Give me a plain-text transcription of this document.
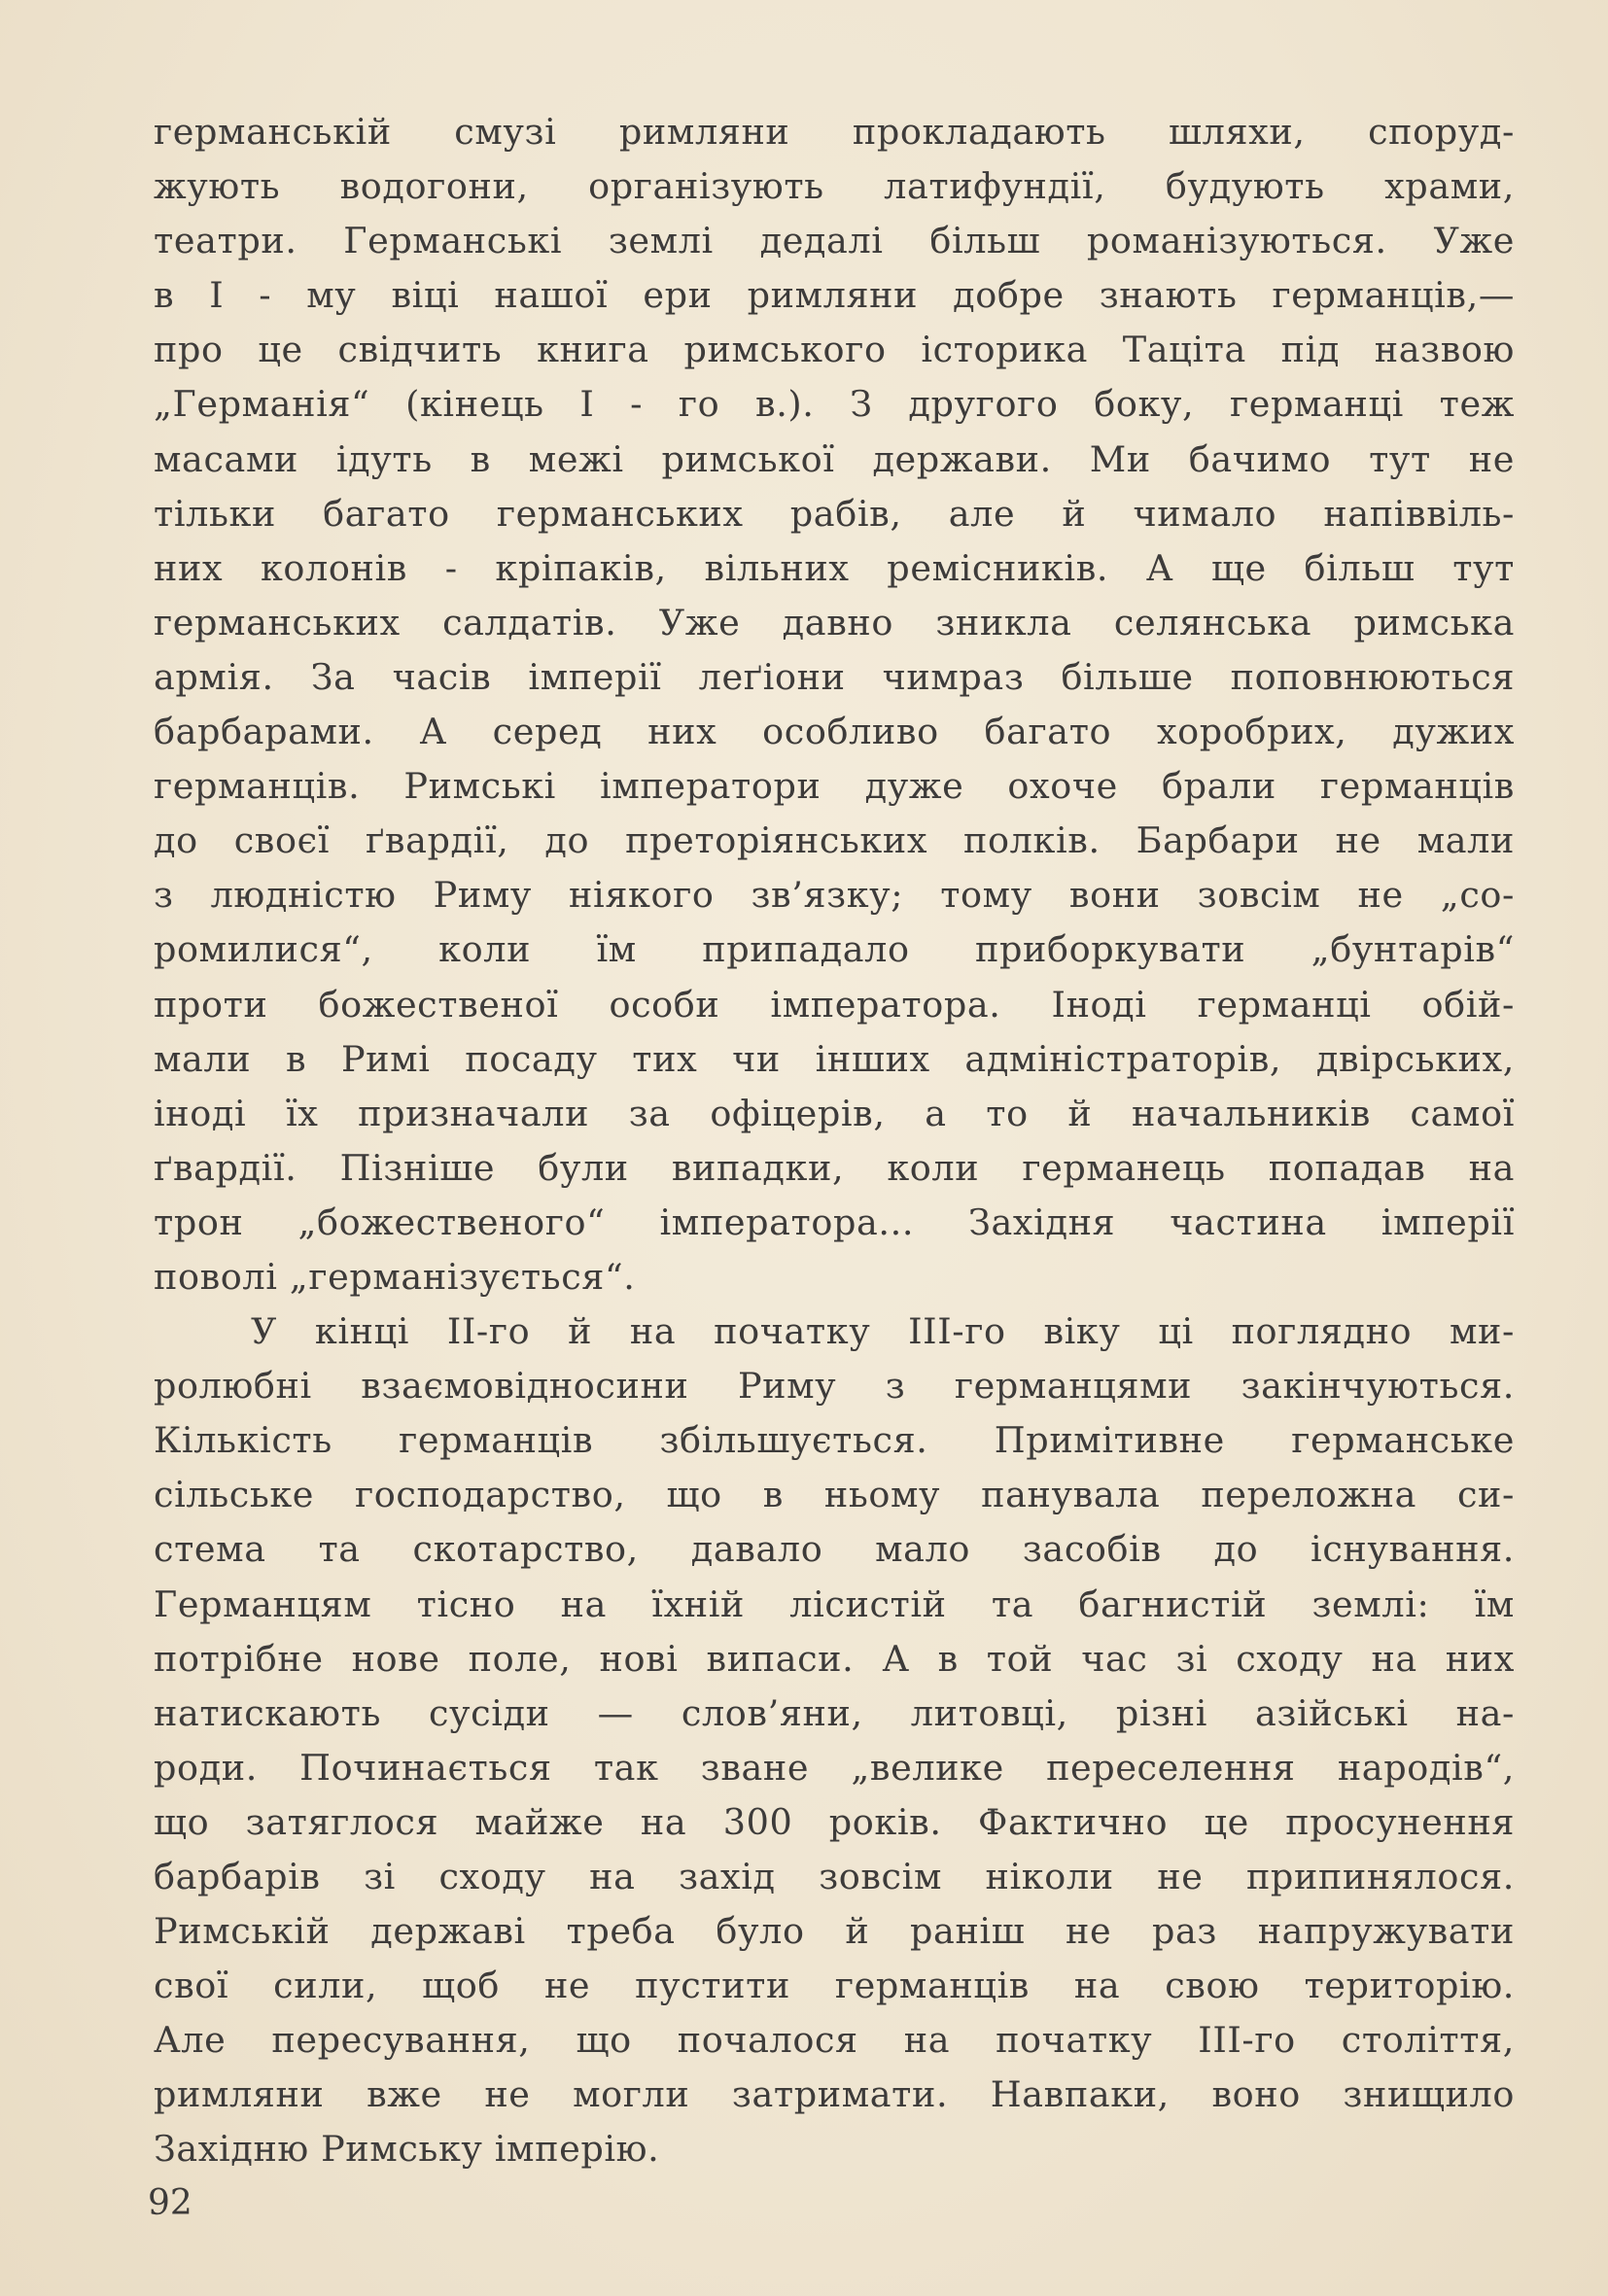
германській смузі римляни прокладають шляхи, споруд-
жують водогони, організують латифундії, будують храми,
театри. Германські землі дедалі більш романізуються. Уже
в I - му віці нашої ери римляни добре знають германців,—
про це свідчить книга римського історика Таціта під назвою
„Германія“ (кінець I - го в.). З другого боку, германці теж
масами ідуть в межі римської держави. Ми бачимо тут не
тільки багато германських рабів, але й чимало напіввіль-
них колонів - кріпаків, вільних ремісників. А ще більш тут
германських салдатів. Уже давно зникла селянська римська
армія. За часів імперії леґіони чимраз більше поповнюються
барбарами. А серед них особливо багато хоробрих, дужих
германців. Римські імператори дуже охоче брали германців
до своєї ґвардії, до преторіянських полків. Барбари не мали
з людністю Риму ніякого зв’язку; тому вони зовсім не „со-
ромилися“, коли їм припадало приборкувати „бунтарів“
проти божественої особи імператора. Іноді германці обій-
мали в Римі посаду тих чи інших адміністраторів, двірських,
іноді їх призначали за офіцерів, а то й начальників самої
ґвардії. Пізніше були випадки, коли германець попадав на
трон „божественого“ імператора... Західня частина імперії
поволі „германізується“.
У кінці II-го й на початку III-го віку ці поглядно ми-
ролюбні взаємовідносини Риму з германцями закінчуються.
Кількість германців збільшується. Примітивне германське
сільське господарство, що в ньому панувала переложна си-
стема та скотарство, давало мало засобів до існування.
Германцям тісно на їхній лісистій та багнистій землі: їм
потрібне нове поле, нові випаси. А в той час зі сходу на них
натискають сусіди — слов’яни, литовці, різні азійські на-
роди. Починається так зване „велике переселення народів“,
що затяглося майже на 300 років. Фактично це просунення
барбарів зі сходу на захід зовсім ніколи не припинялося.
Римській державі треба було й раніш не раз напружувати
свої сили, щоб не пустити германців на свою територію.
Але пересування, що почалося на початку III-го століття,
римляни вже не могли затримати. Навпаки, воно знищило
Західню Римську імперію.
92
